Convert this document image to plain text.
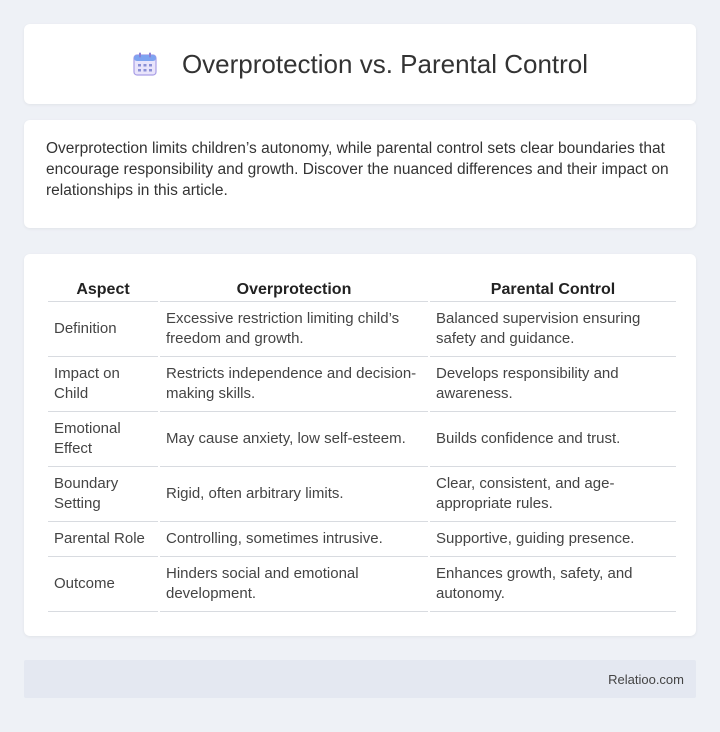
Overprotection vs. Parental Control

Overprotection limits children’s autonomy, while parental control sets clear boundaries that encourage responsibility and growth. Discover the nuanced differences and their impact on relationships in this article.

Aspect	Overprotection	Parental Control
Definition	Excessive restriction limiting child’s freedom and growth.	Balanced supervision ensuring safety and guidance.
Impact on Child	Restricts independence and decision-making skills.	Develops responsibility and awareness.
Emotional Effect	May cause anxiety, low self-esteem.	Builds confidence and trust.
Boundary Setting	Rigid, often arbitrary limits.	Clear, consistent, and age-appropriate rules.
Parental Role	Controlling, sometimes intrusive.	Supportive, guiding presence.
Outcome	Hinders social and emotional development.	Enhances growth, safety, and autonomy.
Relatioo.com
